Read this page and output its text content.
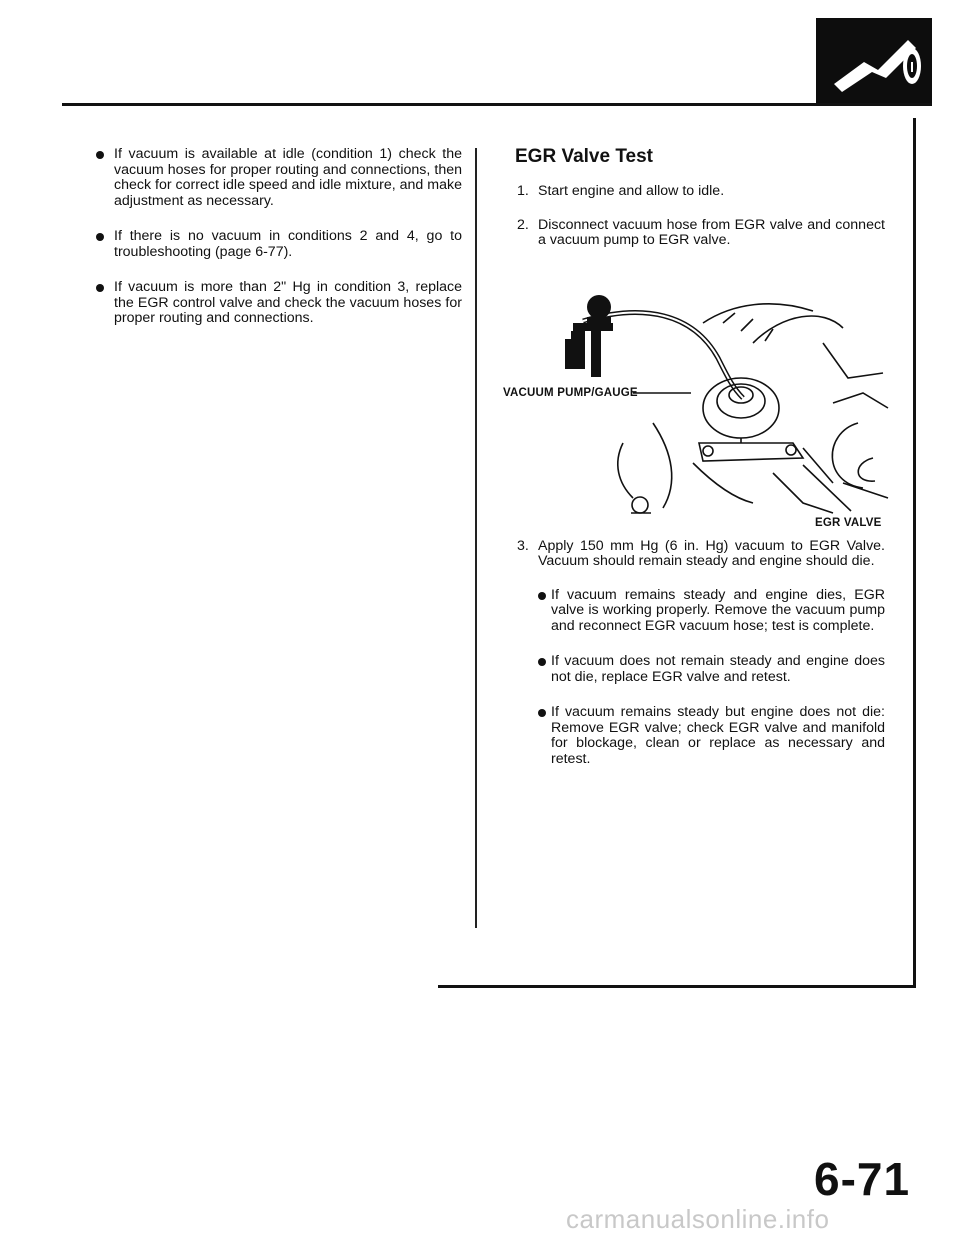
If vacuum is available at idle (condition 1) check the vacuum hoses for proper routing and connections, then check for correct idle speed and idle mixture, and make adjustment as necessary.
If there is no vacuum in conditions 2 and 4, go to troubleshooting (page 6-77).
If vacuum is more than 2" Hg in condition 3, replace the EGR control valve and check the vacuum hoses for proper routing and connections.
EGR Valve Test
1. Start engine and allow to idle.
2. Disconnect vacuum hose from EGR valve and connect a vacuum pump to EGR valve.
3. Apply 150 mm Hg (6 in. Hg) vacuum to EGR Valve. Vacuum should remain steady and engine should die.
If vacuum remains steady and engine dies, EGR valve is working properly. Remove the vacuum pump and reconnect EGR vacuum hose; test is complete.
If vacuum does not remain steady and engine does not die, replace EGR valve and retest.
If vacuum remains steady but engine does not die: Remove EGR valve; check EGR valve and manifold for blockage, clean or replace as necessary and retest.
VACUUM PUMP/GAUGE
EGR VALVE
6-71
carmanualsonline.info
